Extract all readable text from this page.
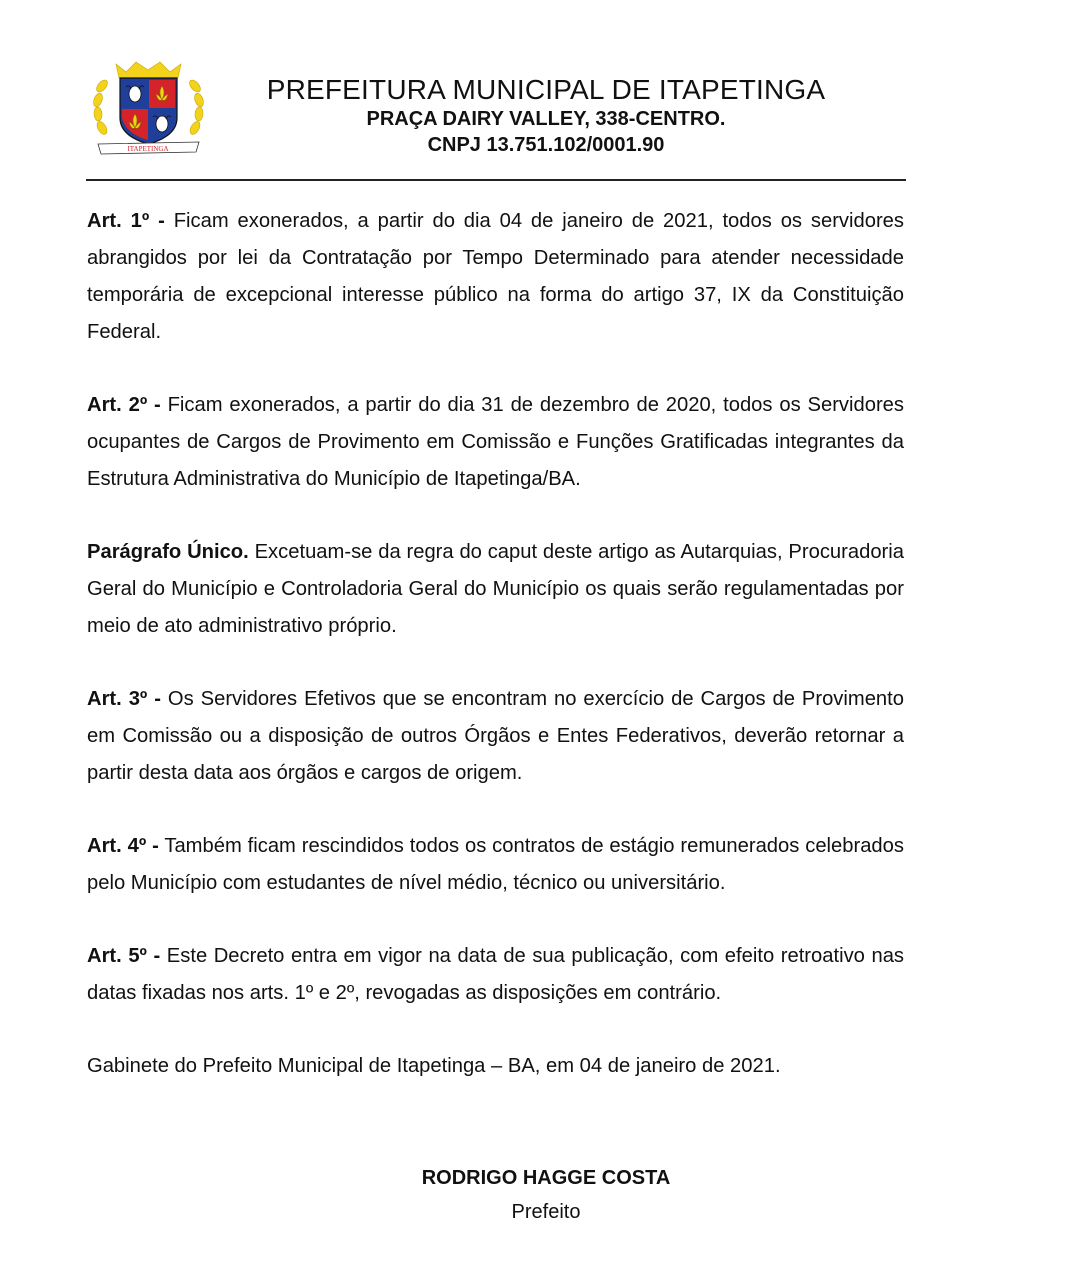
ITAPETINGA
PREFEITURA MUNICIPAL DE ITAPETINGA
PRAÇA DAIRY VALLEY, 338-CENTRO.
CNPJ 13.751.102/0001.90

Art. 1º - Ficam exonerados, a partir do dia 04 de janeiro de 2021, todos os servidores abrangidos por lei da Contratação por Tempo Determinado para atender necessidade temporária de excepcional interesse público na forma do artigo 37, IX da Constituição Federal.

Art. 2º - Ficam exonerados, a partir do dia 31 de dezembro de 2020, todos os Servidores ocupantes de Cargos de Provimento em Comissão e Funções Gratificadas integrantes da Estrutura Administrativa do Município de Itapetinga/BA.

Parágrafo Único. Excetuam-se da regra do caput deste artigo as Autarquias, Procuradoria Geral do Município e Controladoria Geral do Município os quais serão regulamentadas por meio de ato administrativo próprio.

Art. 3º - Os Servidores Efetivos que se encontram no exercício de Cargos de Provimento em Comissão ou a disposição de outros Órgãos e Entes Federativos, deverão retornar a partir desta data aos órgãos e cargos de origem.

Art. 4º - Também ficam rescindidos todos os contratos de estágio remunerados celebrados pelo Município com estudantes de nível médio, técnico ou universitário.

Art. 5º - Este Decreto entra em vigor na data de sua publicação, com efeito retroativo nas datas fixadas nos arts. 1º e 2º, revogadas as disposições em contrário.

Gabinete do Prefeito Municipal de Itapetinga – BA, em 04 de janeiro de 2021.

RODRIGO HAGGE COSTA
Prefeito
